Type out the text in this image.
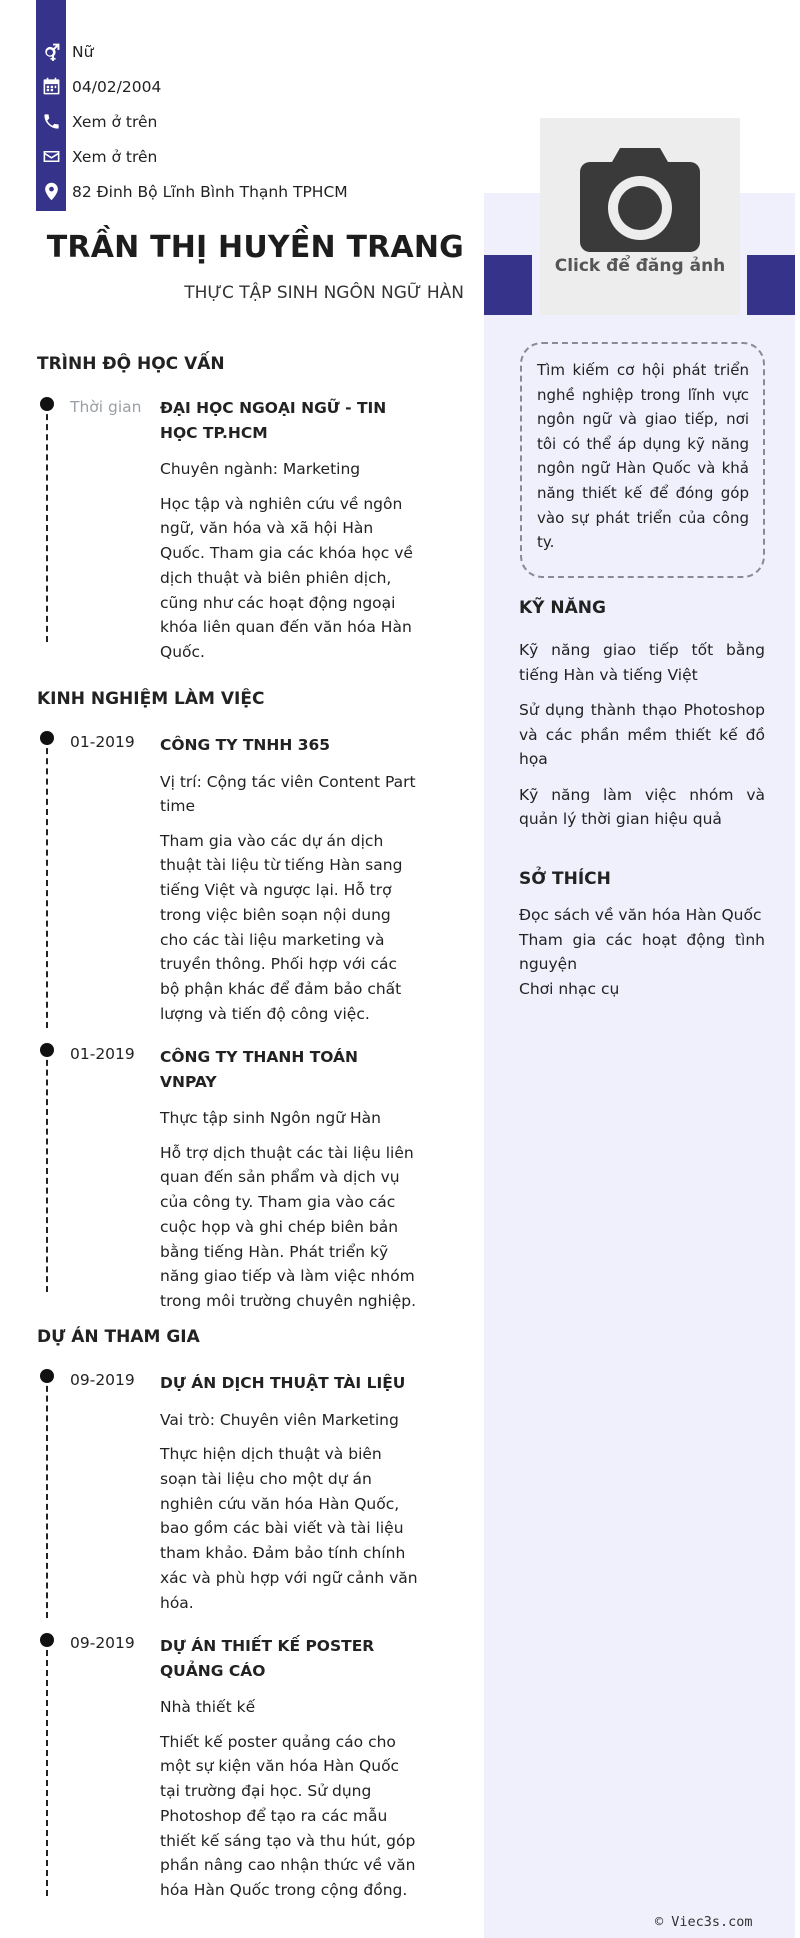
Nữ
04/02/2004
Xem ở trên
Xem ở trên
82 Đinh Bộ Lĩnh Bình Thạnh TPHCM
TRẦN THỊ HUYỀN TRANG
THỰC TẬP SINH NGÔN NGỮ HÀN
Click để đăng ảnh
Tìm kiếm cơ hội phát triển nghề nghiệp trong lĩnh vực ngôn ngữ và giao tiếp, nơi tôi có thể áp dụng kỹ năng ngôn ngữ Hàn Quốc và khả năng thiết kế để đóng góp vào sự phát triển của công ty.
KỸ NĂNG

Kỹ năng giao tiếp tốt bằng tiếng Hàn và tiếng Việt

Sử dụng thành thạo Photoshop và các phần mềm thiết kế đồ họa

Kỹ năng làm việc nhóm và quản lý thời gian hiệu quả

SỞ THÍCH

Đọc sách về văn hóa Hàn Quốc

Tham gia các hoạt động tình nguyện

Chơi nhạc cụ

© Viec3s.com
TRÌNH ĐỘ HỌC VẤN
Thời gian ĐẠI HỌC NGOẠI NGỮ - TIN HỌC TP.HCM
Chuyên ngành: Marketing
Học tập và nghiên cứu về ngôn ngữ, văn hóa và xã hội Hàn Quốc. Tham gia các khóa học về dịch thuật và biên phiên dịch, cũng như các hoạt động ngoại khóa liên quan đến văn hóa Hàn Quốc.
KINH NGHIỆM LÀM VIỆC
01-2019 CÔNG TY TNHH 365
Vị trí: Cộng tác viên Content Part time
Tham gia vào các dự án dịch thuật tài liệu từ tiếng Hàn sang tiếng Việt và ngược lại. Hỗ trợ trong việc biên soạn nội dung cho các tài liệu marketing và truyền thông. Phối hợp với các bộ phận khác để đảm bảo chất lượng và tiến độ công việc.
01-2019 CÔNG TY THANH TOÁN VNPAY
Thực tập sinh Ngôn ngữ Hàn
Hỗ trợ dịch thuật các tài liệu liên quan đến sản phẩm và dịch vụ của công ty. Tham gia vào các cuộc họp và ghi chép biên bản bằng tiếng Hàn. Phát triển kỹ năng giao tiếp và làm việc nhóm trong môi trường chuyên nghiệp.
DỰ ÁN THAM GIA
09-2019 DỰ ÁN DỊCH THUẬT TÀI LIỆU
Vai trò: Chuyên viên Marketing
Thực hiện dịch thuật và biên soạn tài liệu cho một dự án nghiên cứu văn hóa Hàn Quốc, bao gồm các bài viết và tài liệu tham khảo. Đảm bảo tính chính xác và phù hợp với ngữ cảnh văn hóa.
09-2019 DỰ ÁN THIẾT KẾ POSTER QUẢNG CÁO
Nhà thiết kế
Thiết kế poster quảng cáo cho một sự kiện văn hóa Hàn Quốc tại trường đại học. Sử dụng Photoshop để tạo ra các mẫu thiết kế sáng tạo và thu hút, góp phần nâng cao nhận thức về văn hóa Hàn Quốc trong cộng đồng.
